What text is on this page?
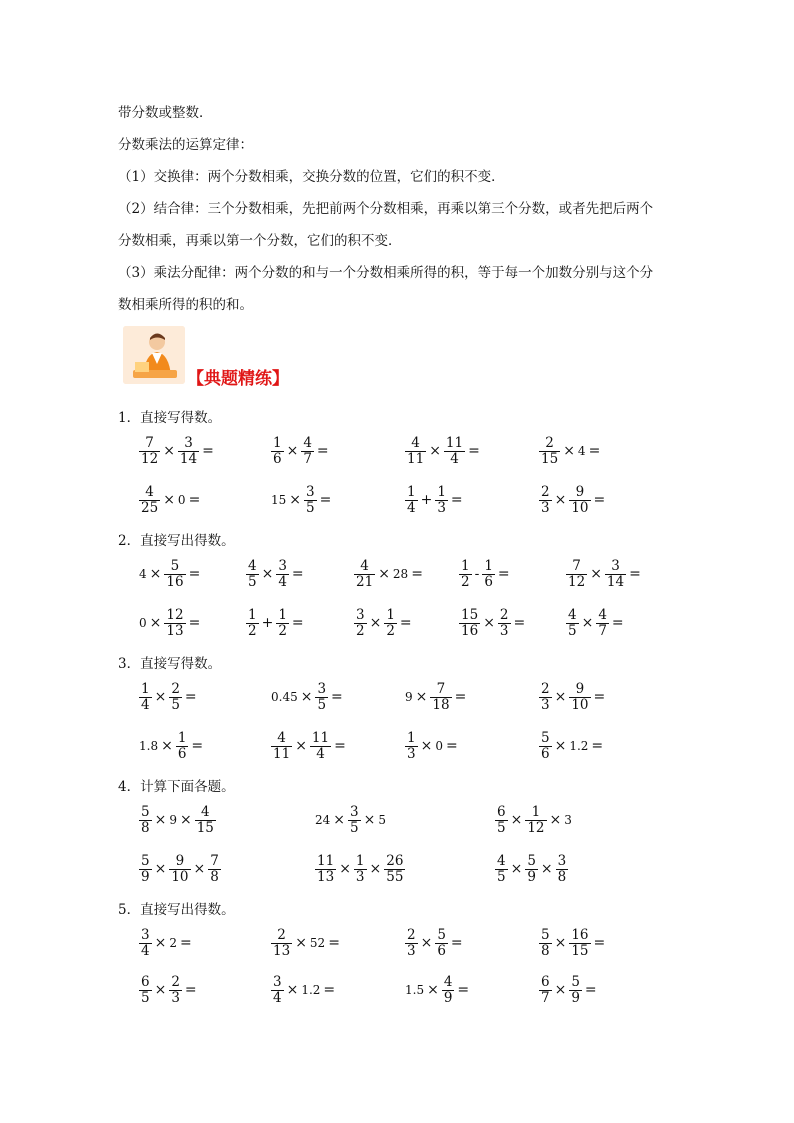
带分数或整数．
分数乘法的运算定律：
（1）交换律：两个分数相乘，交换分数的位置，它们的积不变．
（2）结合律：三个分数相乘，先把前两个分数相乘，再乘以第三个分数，或者先把后两个
分数相乘，再乘以第一个分数，它们的积不变．
（3）乘法分配律：两个分数的和与一个分数相乘所得的积，等于每一个加数分别与这个分
数相乘所得的积的和。
【典题精练】
1．直接写得数。
$\frac{7}{12} \times \frac{3}{14}$ =	$\frac{1}{6} \times \frac{4}{7}$ =	$\frac{4}{11} \times \frac{11}{4}$ =	$\frac{2}{15} \times 4$ =
$\frac{4}{25} \times 0$ =	$15 \times \frac{3}{5}$ =	$\frac{1}{4} + \frac{1}{3}$ =	$\frac{2}{3} \times \frac{9}{10}$ =
2．直接写出得数。
$4 \times \frac{5}{16}$ =	$\frac{4}{5} \times \frac{3}{4}$ =	$\frac{4}{21} \times 28$ =	$\frac{1}{2} - \frac{1}{6}$ =	$\frac{7}{12} \times \frac{3}{14}$ =
$0 \times \frac{12}{13}$ =	$\frac{1}{2} + \frac{1}{2}$ =	$\frac{3}{2} \times \frac{1}{2}$ =	$\frac{15}{16} \times \frac{2}{3}$ =	$\frac{4}{5} \times \frac{4}{7}$ =
3．直接写得数。
$\frac{1}{4} \times \frac{2}{5}$ =	$0.45 \times \frac{3}{5}$ =	$9 \times \frac{7}{18}$ =	$\frac{2}{3} \times \frac{9}{10}$ =
$1.8 \times \frac{1}{6}$ =	$\frac{4}{11} \times \frac{11}{4}$ =	$\frac{1}{3} \times 0$ =	$\frac{5}{6} \times 1.2$ =
4．计算下面各题。
$\frac{5}{8} \times 9 \times \frac{4}{15}$	$24 \times \frac{3}{5} \times 5$	$\frac{6}{5} \times \frac{1}{12} \times 3$
$\frac{5}{9} \times \frac{9}{10} \times \frac{7}{8}$	$\frac{11}{13} \times \frac{1}{3} \times \frac{26}{55}$	$\frac{4}{5} \times \frac{5}{9} \times \frac{3}{8}$
5．直接写出得数。
$\frac{3}{4} \times 2$ =	$\frac{2}{13} \times 52$ =	$\frac{2}{3} \times \frac{5}{6}$ =	$\frac{5}{8} \times \frac{16}{15}$ =
$\frac{6}{5} \times \frac{2}{3}$ =	$\frac{3}{4} \times 1.2$ =	$1.5 \times \frac{4}{9}$ =	$\frac{6}{7} \times \frac{5}{9}$ =
